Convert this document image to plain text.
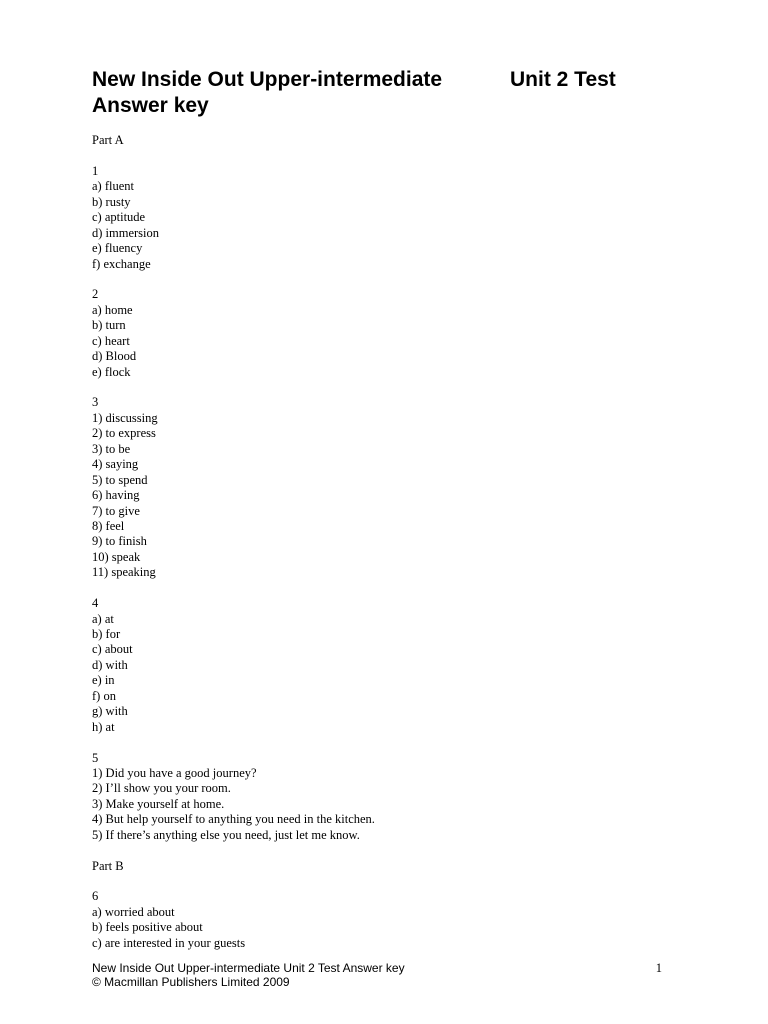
New Inside Out Upper-intermediate	Unit 2 Test
Answer key
Part A
1
a) fluent
b) rusty
c) aptitude
d) immersion
e) fluency
f) exchange
2
a) home
b) turn
c) heart
d) Blood
e) flock
3
1) discussing
2) to express
3) to be
4) saying
5) to spend
6) having
7) to give
8) feel
9) to finish
10) speak
11) speaking
4
a) at
b) for
c) about
d) with
e) in
f) on
g) with
h) at
5
1) Did you have a good journey?
2) I’ll show you your room.
3) Make yourself at home.
4) But help yourself to anything you need in the kitchen.
5) If there’s anything else you need, just let me know.
Part B
6
a) worried about
b) feels positive about
c) are interested in your guests
New Inside Out Upper-intermediate Unit 2 Test Answer key	1
© Macmillan Publishers Limited 2009
